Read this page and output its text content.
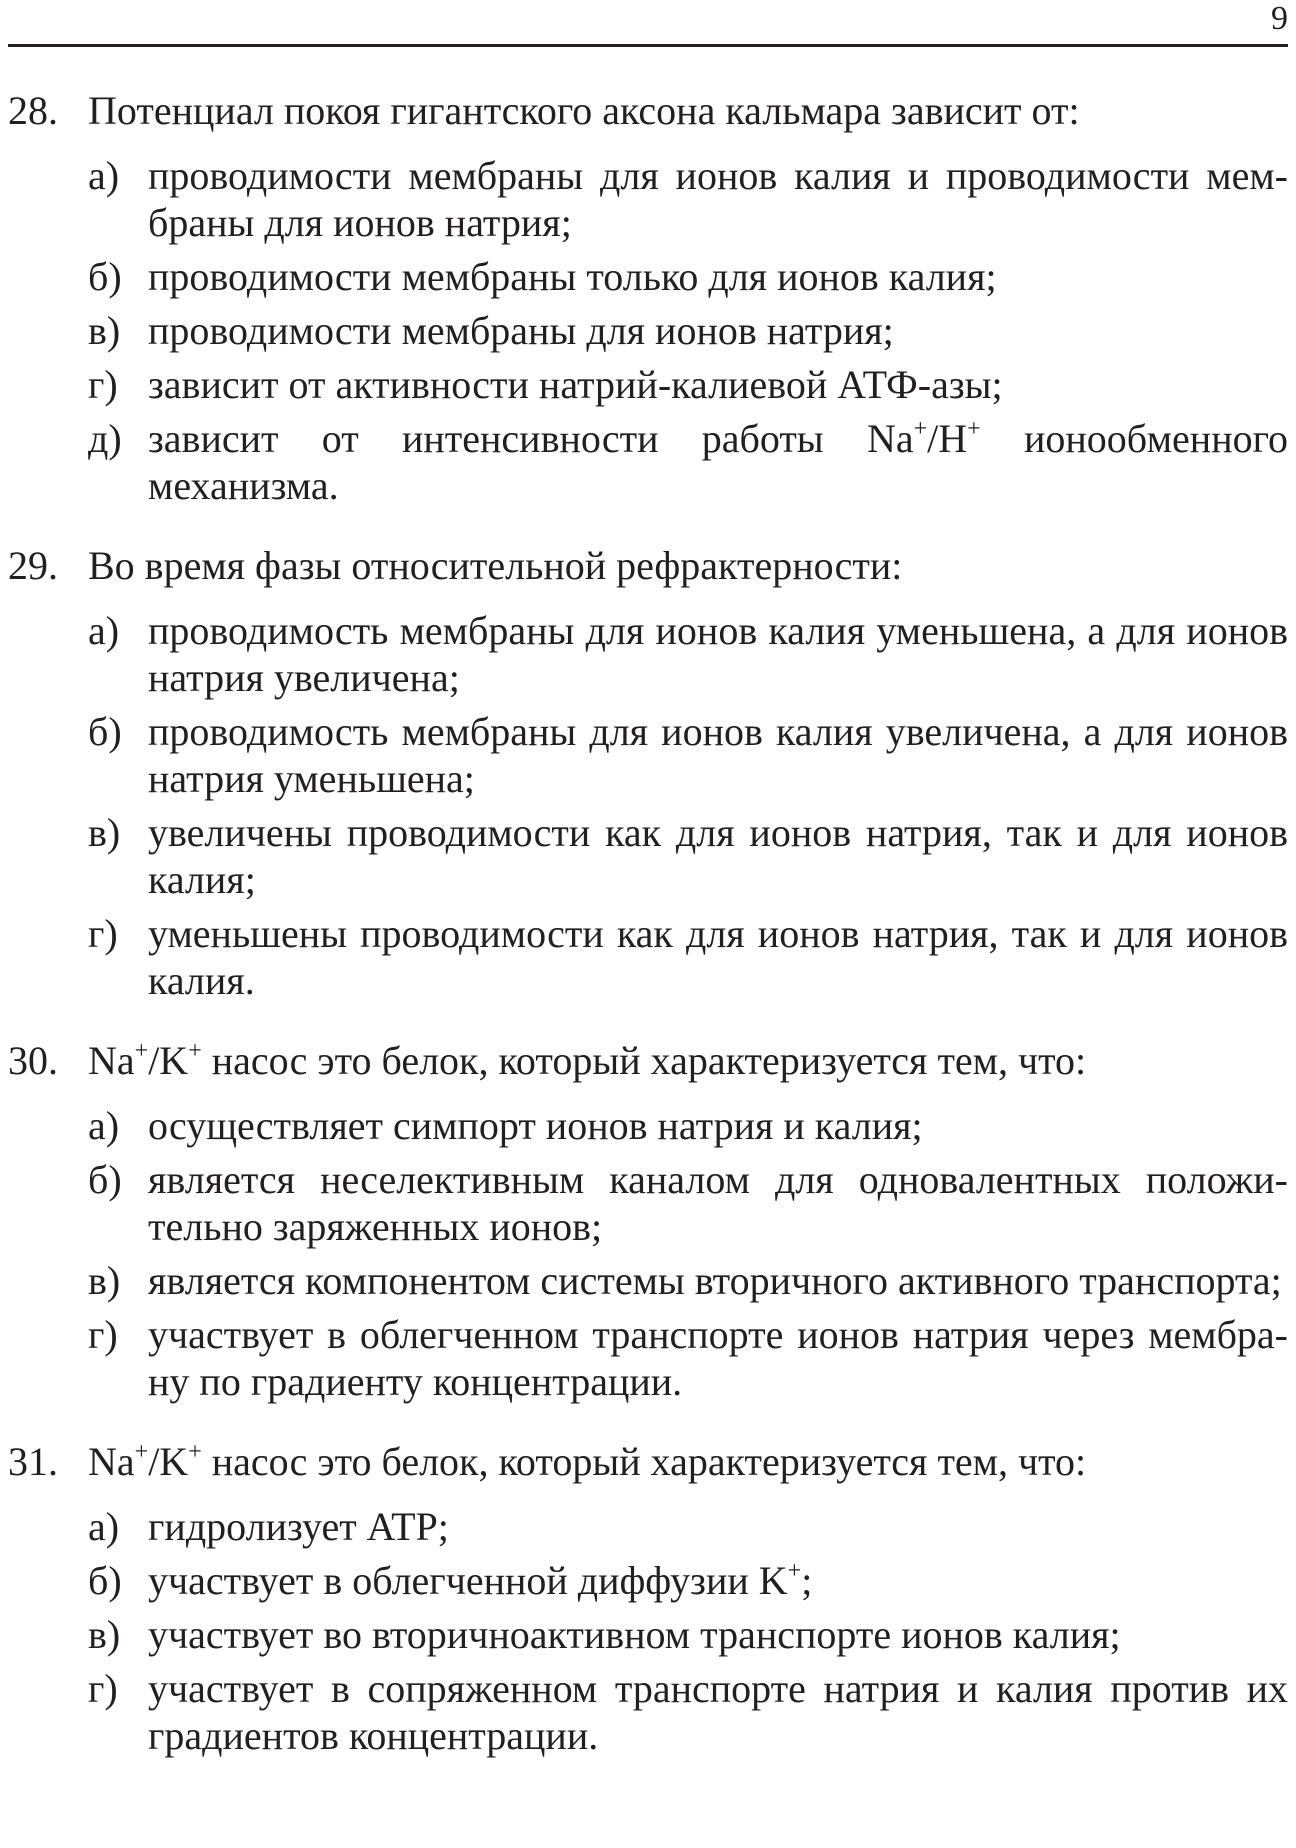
9
28. Потенциал покоя гигантского аксона кальмара зависит от:
а) проводимости мембраны для ионов калия и проводимости мембраны для ионов натрия;
б) проводимости мембраны только для ионов калия;
в) проводимости мембраны для ионов натрия;
г) зависит от активности натрий-калиевой АТФ-азы;
д) зависит от интенсивности работы Na+/H+ ионообменного механизма.
29. Во время фазы относительной рефрактерности:
а) проводимость мембраны для ионов калия уменьшена, а для ионов натрия увеличена;
б) проводимость мембраны для ионов калия увеличена, а для ионов натрия уменьшена;
в) увеличены проводимости как для ионов натрия, так и для ионов калия;
г) уменьшены проводимости как для ионов натрия, так и для ионов калия.
30. Na+/K+ насос это белок, который характеризуется тем, что:
а) осуществляет симпорт ионов натрия и калия;
б) является неселективным каналом для одновалентных положительно заряженных ионов;
в) является компонентом системы вторичного активного транспорта;
г) участвует в облегченном транспорте ионов натрия через мембрану по градиенту концентрации.
31. Na+/K+ насос это белок, который характеризуется тем, что:
а) гидролизует ATP;
б) участвует в облегченной диффузии K+;
в) участвует во вторичноактивном транспорте ионов калия;
г) участвует в сопряженном транспорте натрия и калия против их градиентов концентрации.
